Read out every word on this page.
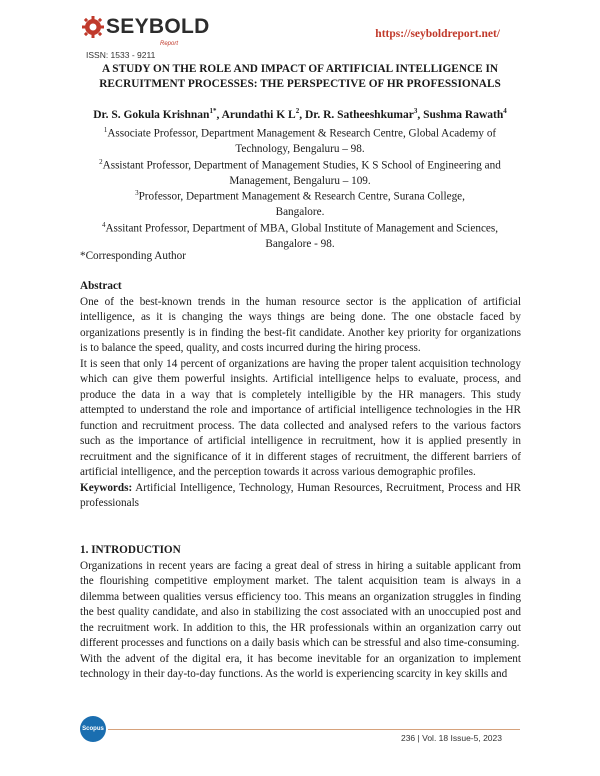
SEYBOLD
Report
ISSN: 1533 - 9211
https://seyboldreport.net/
A STUDY ON THE ROLE AND IMPACT OF ARTIFICIAL INTELLIGENCE IN
RECRUITMENT PROCESSES: THE PERSPECTIVE OF HR PROFESSIONALS
Dr. S. Gokula Krishnan$^{1*}$, Arundathi K $L^2$, Dr. R. Satheeshkumar$^3$, Sushma Rawath$^4$
$^1$Associate Professor, Department Management & Research Centre, Global Academy of
Technology, Bengaluru – 98.
$^2$Assistant Professor, Department of Management Studies, K S School of Engineering and
Management, Bengaluru – 109.
$^3$Professor, Department Management & Research Centre, Surana College,
Bangalore.
$^4$Assitant Professor, Department of MBA, Global Institute of Management and Sciences,
Bangalore - 98.
*Corresponding Author

Abstract

One of the best-known trends in the human resource sector is the application of artificial intelligence, as it is changing the ways things are being done. The one obstacle faced by organizations presently is in finding the best-fit candidate. Another key priority for organizations is to balance the speed, quality, and costs incurred during the hiring process.

It is seen that only 14 percent of organizations are having the proper talent acquisition technology which can give them powerful insights. Artificial intelligence helps to evaluate, process, and produce the data in a way that is completely intelligible by the HR managers. This study attempted to understand the role and importance of artificial intelligence technologies in the HR function and recruitment process. The data collected and analysed refers to the various factors such as the importance of artificial intelligence in recruitment, how it is applied presently in recruitment and the significance of it in different stages of recruitment, the different barriers of artificial intelligence, and the perception towards it across various demographic profiles.

Keywords: Artificial Intelligence, Technology, Human Resources, Recruitment, Process and HR professionals

1. INTRODUCTION

Organizations in recent years are facing a great deal of stress in hiring a suitable applicant from the flourishing competitive employment market. The talent acquisition team is always in a dilemma between qualities versus efficiency too. This means an organization struggles in finding the best quality candidate, and also in stabilizing the cost associated with an unoccupied post and the recruitment work. In addition to this, the HR professionals within an organization carry out different processes and functions on a daily basis which can be stressful and also time-consuming.

With the advent of the digital era, it has become inevitable for an organization to implement technology in their day-to-day functions. As the world is experiencing scarcity in key skills and

Scopus
236 | Vol. 18 Issue-5, 2023
